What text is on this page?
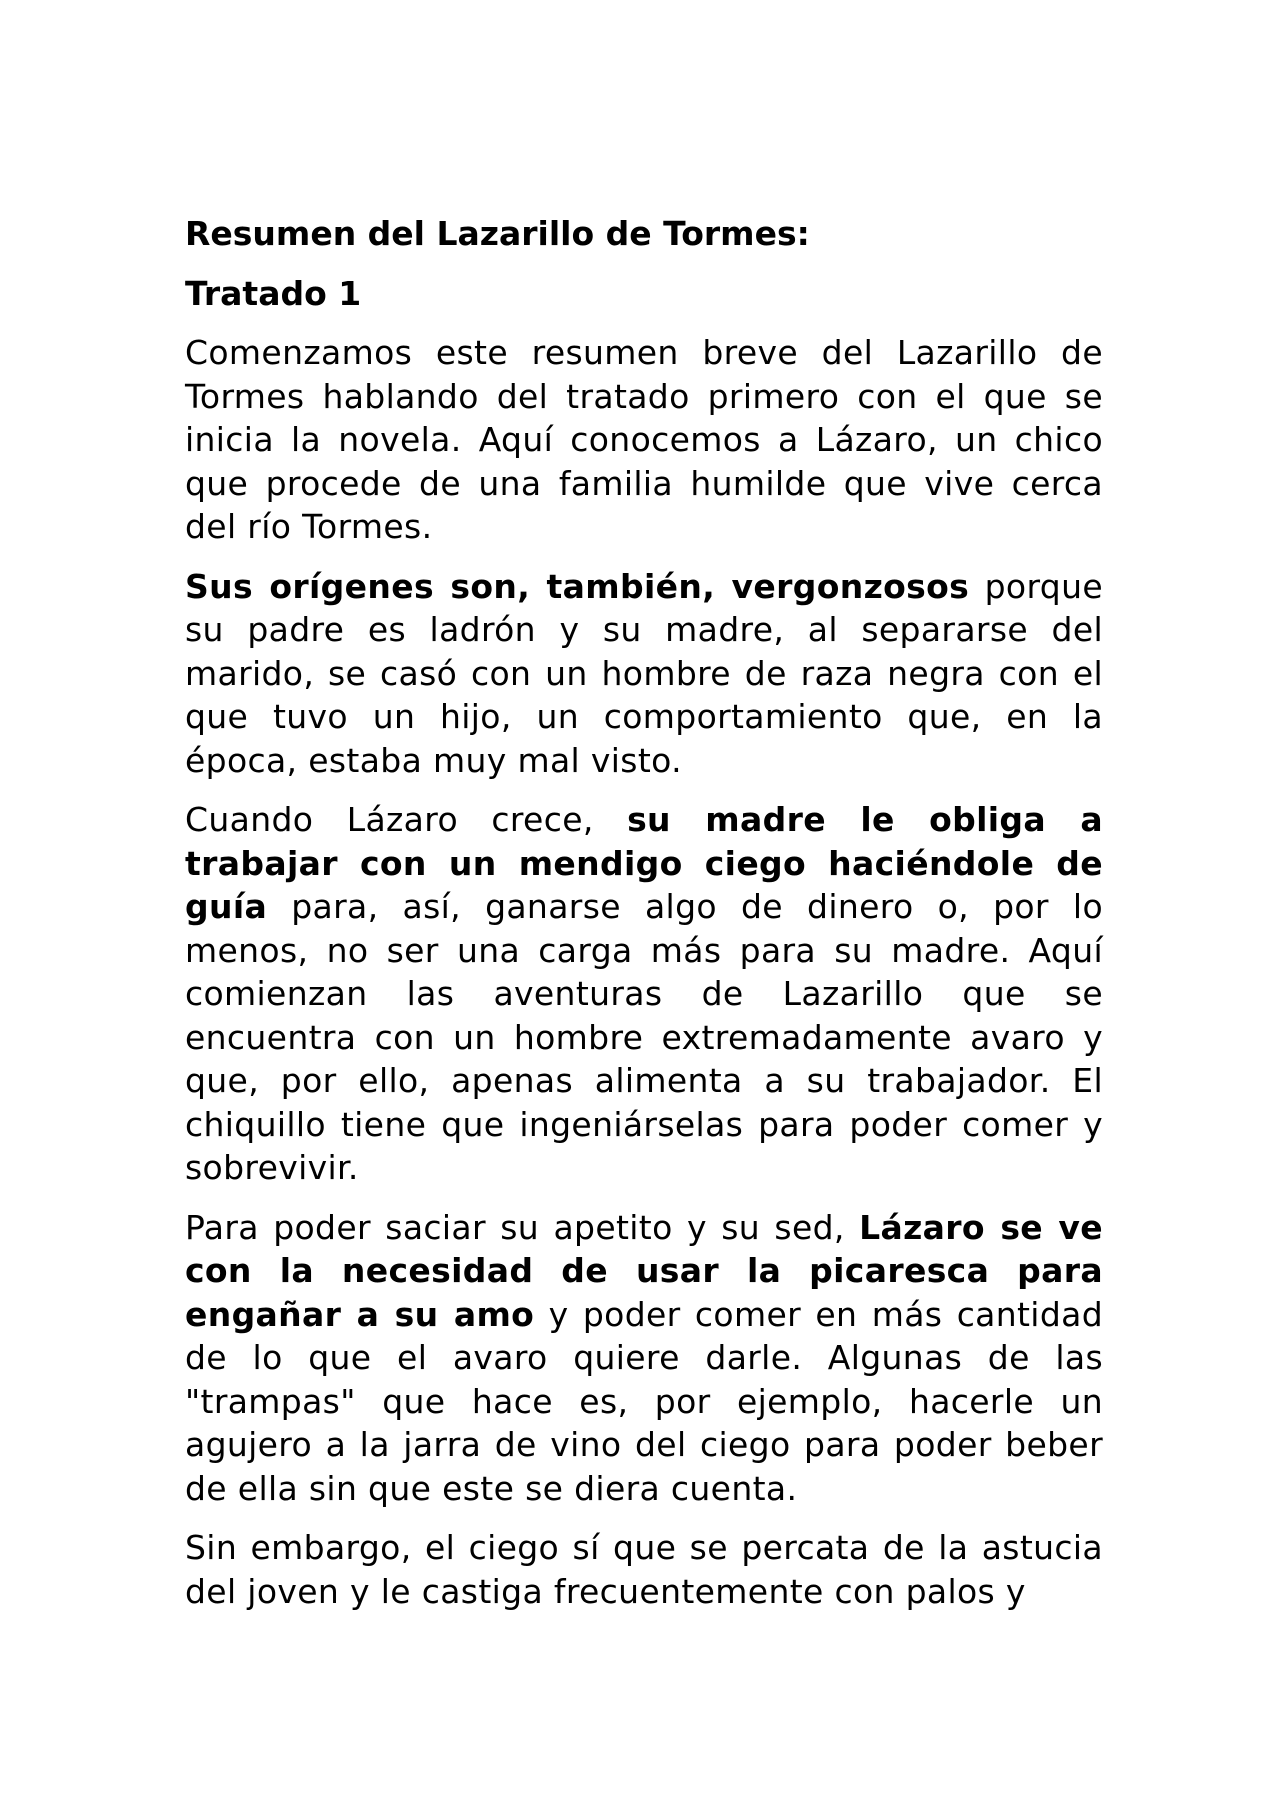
Resumen del Lazarillo de Tormes:
Tratado 1

Comenzamos este resumen breve del Lazarillo de Tormes hablando del tratado primero con el que se inicia la novela. Aquí conocemos a Lázaro, un chico que procede de una familia humilde que vive cerca del río Tormes.

Sus orígenes son, también, vergonzosos porque su padre es ladrón y su madre, al separarse del marido, se casó con un hombre de raza negra con el que tuvo un hijo, un comportamiento que, en la época, estaba muy mal visto.

Cuando Lázaro crece, su madre le obliga a trabajar con un mendigo ciego haciéndole de guía para, así, ganarse algo de dinero o, por lo menos, no ser una carga más para su madre. Aquí comienzan las aventuras de Lazarillo que se encuentra con un hombre extremadamente avaro y que, por ello, apenas alimenta a su trabajador. El chiquillo tiene que ingeniárselas para poder comer y sobrevivir.

Para poder saciar su apetito y su sed, Lázaro se ve con la necesidad de usar la picaresca para engañar a su amo y poder comer en más cantidad de lo que el avaro quiere darle. Algunas de las "trampas" que hace es, por ejemplo, hacerle un agujero a la jarra de vino del ciego para poder beber de ella sin que este se diera cuenta.

Sin embargo, el ciego sí que se percata de la astucia del joven y le castiga frecuentemente con palos y
